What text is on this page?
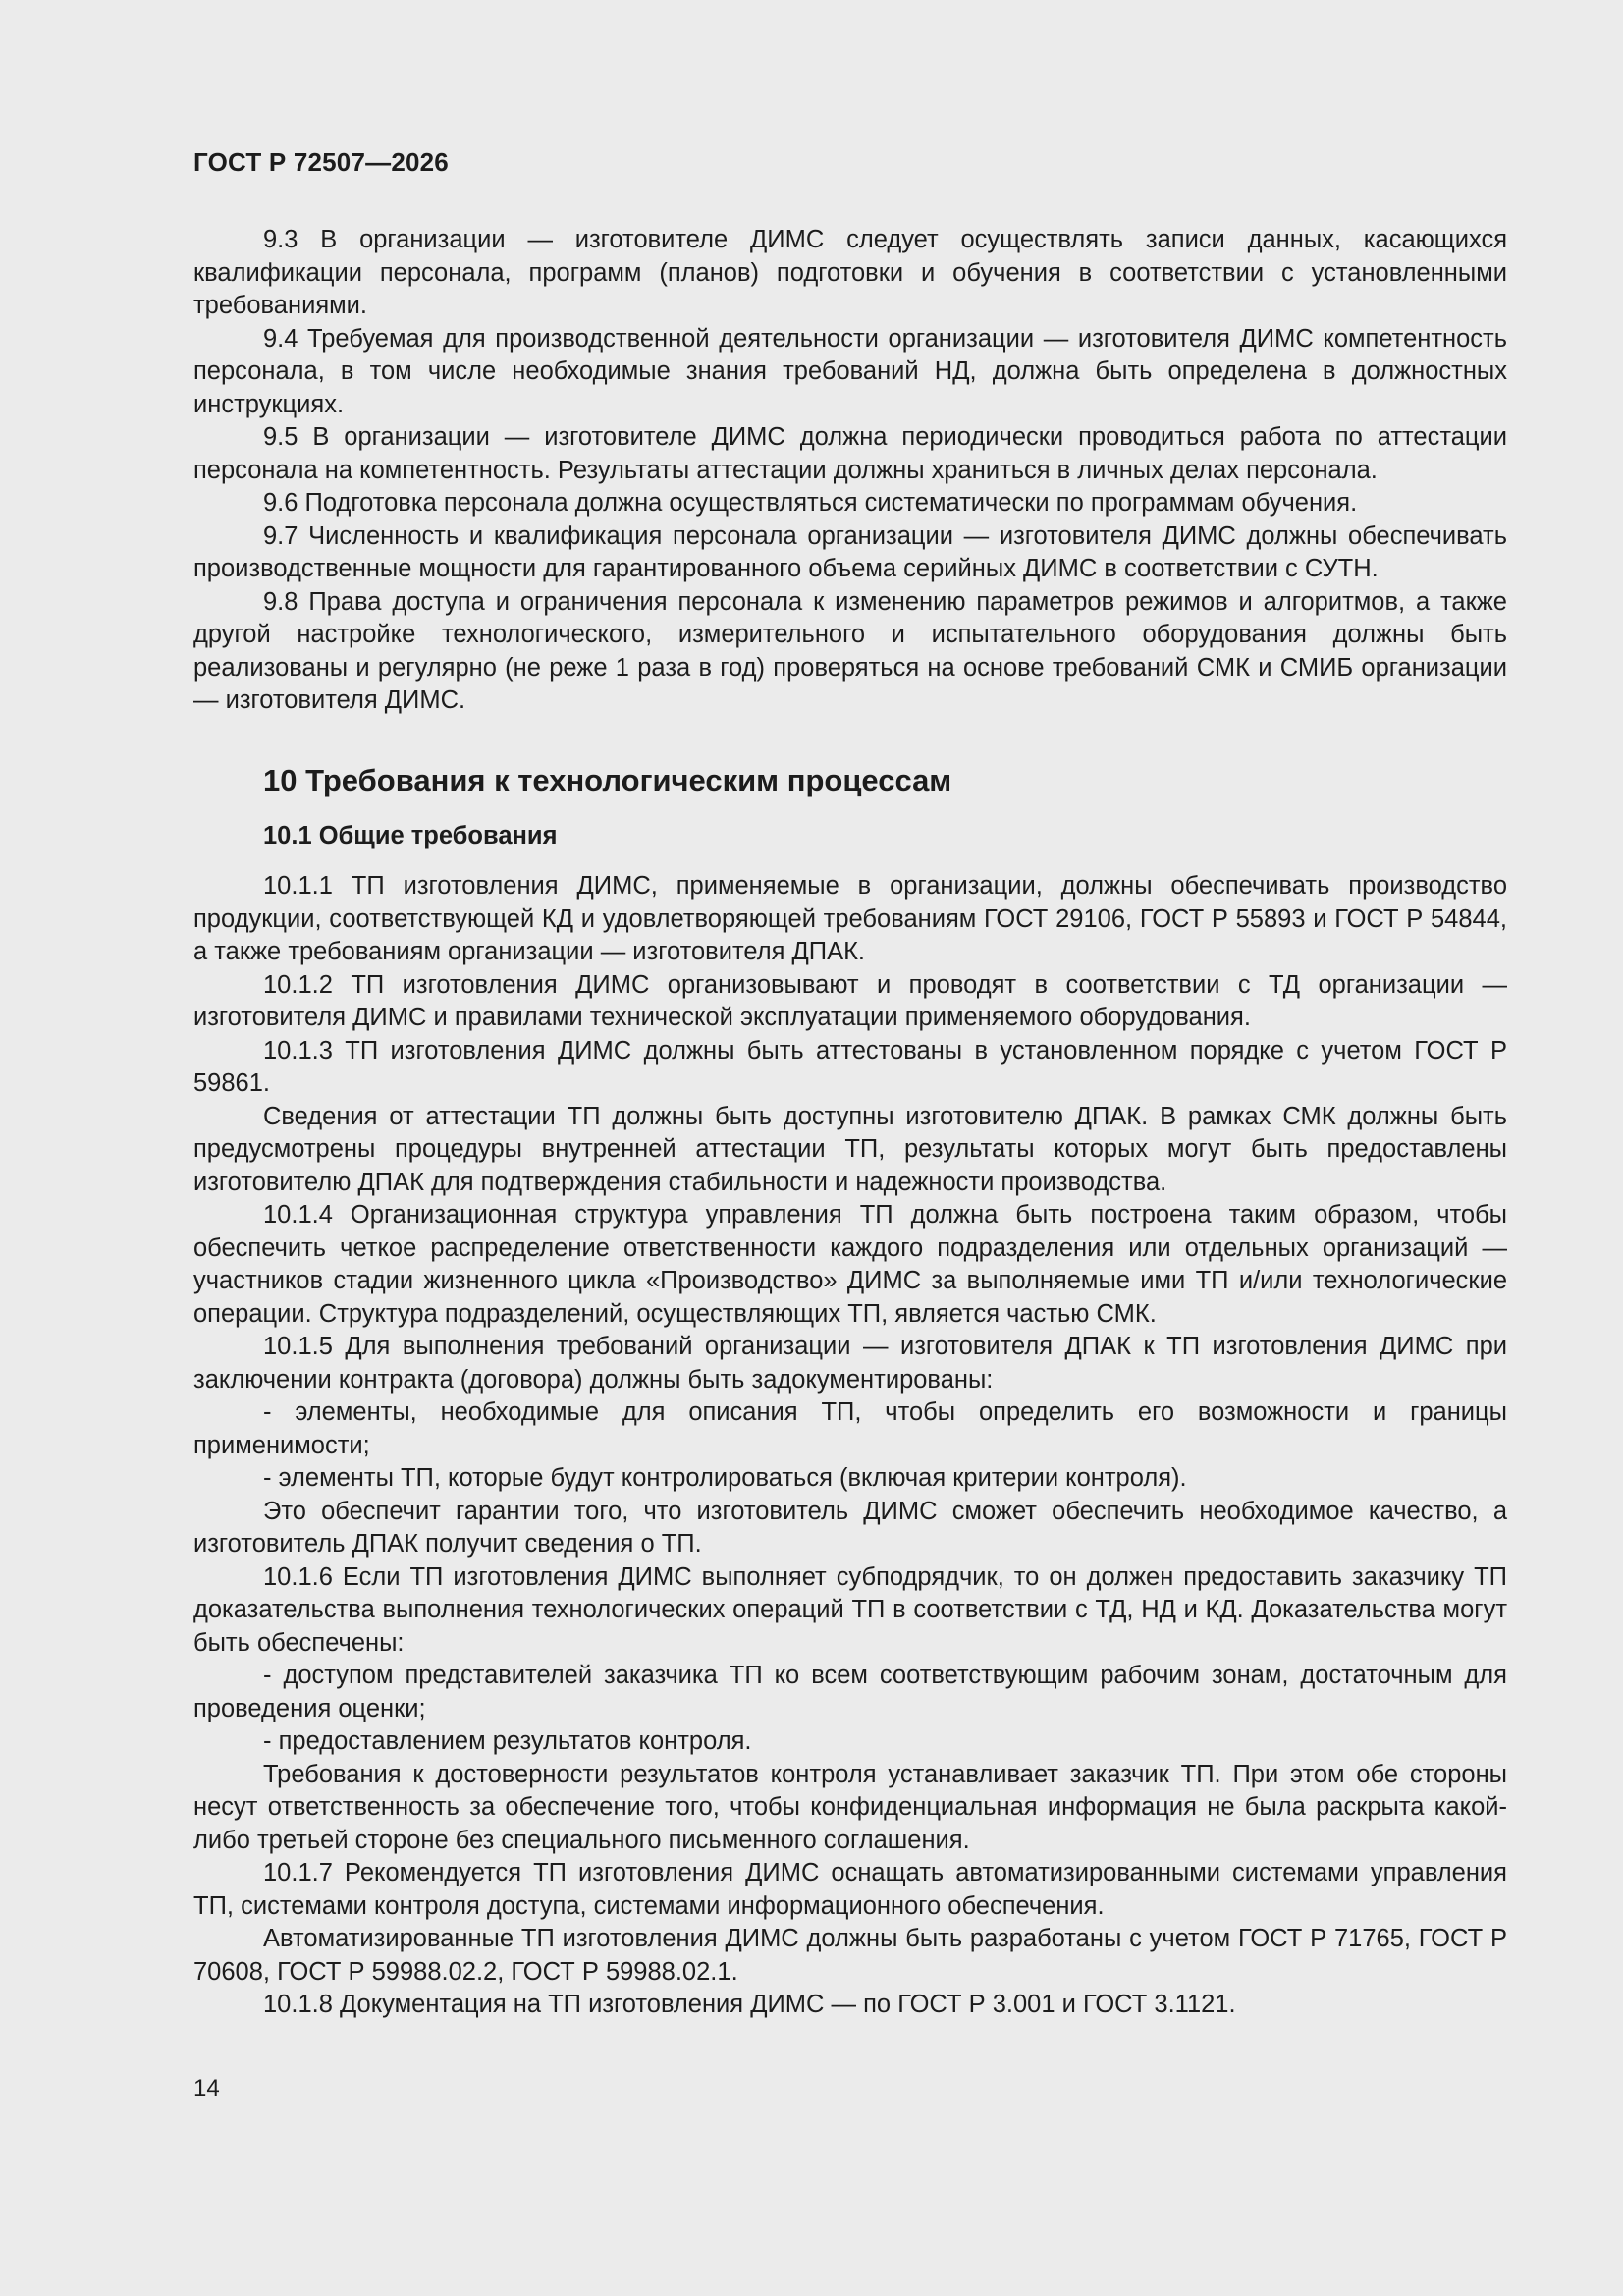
ГОСТ Р 72507—2026

9.3 В организации — изготовителе ДИМС следует осуществлять записи данных, касающихся квалификации персонала, программ (планов) подготовки и обучения в соответствии с установленными требованиями.

9.4 Требуемая для производственной деятельности организации — изготовителя ДИМС компетентность персонала, в том числе необходимые знания требований НД, должна быть определена в должностных инструкциях.

9.5 В организации — изготовителе ДИМС должна периодически проводиться работа по аттестации персонала на компетентность. Результаты аттестации должны храниться в личных делах персонала.

9.6 Подготовка персонала должна осуществляться систематически по программам обучения.

9.7 Численность и квалификация персонала организации — изготовителя ДИМС должны обеспечивать производственные мощности для гарантированного объема серийных ДИМС в соответствии с СУТН.

9.8 Права доступа и ограничения персонала к изменению параметров режимов и алгоритмов, а также другой настройке технологического, измерительного и испытательного оборудования должны быть реализованы и регулярно (не реже 1 раза в год) проверяться на основе требований СМК и СМИБ организации — изготовителя ДИМС.

10 Требования к технологическим процессам
10.1 Общие требования

10.1.1 ТП изготовления ДИМС, применяемые в организации, должны обеспечивать производство продукции, соответствующей КД и удовлетворяющей требованиям ГОСТ 29106, ГОСТ Р 55893 и ГОСТ Р 54844, а также требованиям организации — изготовителя ДПАК.

10.1.2 ТП изготовления ДИМС организовывают и проводят в соответствии с ТД организации — изготовителя ДИМС и правилами технической эксплуатации применяемого оборудования.

10.1.3 ТП изготовления ДИМС должны быть аттестованы в установленном порядке с учетом ГОСТ Р 59861.

Сведения от аттестации ТП должны быть доступны изготовителю ДПАК. В рамках СМК должны быть предусмотрены процедуры внутренней аттестации ТП, результаты которых могут быть предоставлены изготовителю ДПАК для подтверждения стабильности и надежности производства.

10.1.4 Организационная структура управления ТП должна быть построена таким образом, чтобы обеспечить четкое распределение ответственности каждого подразделения или отдельных организаций — участников стадии жизненного цикла «Производство» ДИМС за выполняемые ими ТП и/или технологические операции. Структура подразделений, осуществляющих ТП, является частью СМК.

10.1.5 Для выполнения требований организации — изготовителя ДПАК к ТП изготовления ДИМС при заключении контракта (договора) должны быть задокументированы:

- элементы, необходимые для описания ТП, чтобы определить его возможности и границы применимости;

- элементы ТП, которые будут контролироваться (включая критерии контроля).

Это обеспечит гарантии того, что изготовитель ДИМС сможет обеспечить необходимое качество, а изготовитель ДПАК получит сведения о ТП.

10.1.6 Если ТП изготовления ДИМС выполняет субподрядчик, то он должен предоставить заказчику ТП доказательства выполнения технологических операций ТП в соответствии с ТД, НД и КД. Доказательства могут быть обеспечены:

- доступом представителей заказчика ТП ко всем соответствующим рабочим зонам, достаточным для проведения оценки;

- предоставлением результатов контроля.

Требования к достоверности результатов контроля устанавливает заказчик ТП. При этом обе стороны несут ответственность за обеспечение того, чтобы конфиденциальная информация не была раскрыта какой-либо третьей стороне без специального письменного соглашения.

10.1.7 Рекомендуется ТП изготовления ДИМС оснащать автоматизированными системами управления ТП, системами контроля доступа, системами информационного обеспечения.

Автоматизированные ТП изготовления ДИМС должны быть разработаны с учетом ГОСТ Р 71765, ГОСТ Р 70608, ГОСТ Р 59988.02.2, ГОСТ Р 59988.02.1.

10.1.8 Документация на ТП изготовления ДИМС — по ГОСТ Р 3.001 и ГОСТ 3.1121.

14
